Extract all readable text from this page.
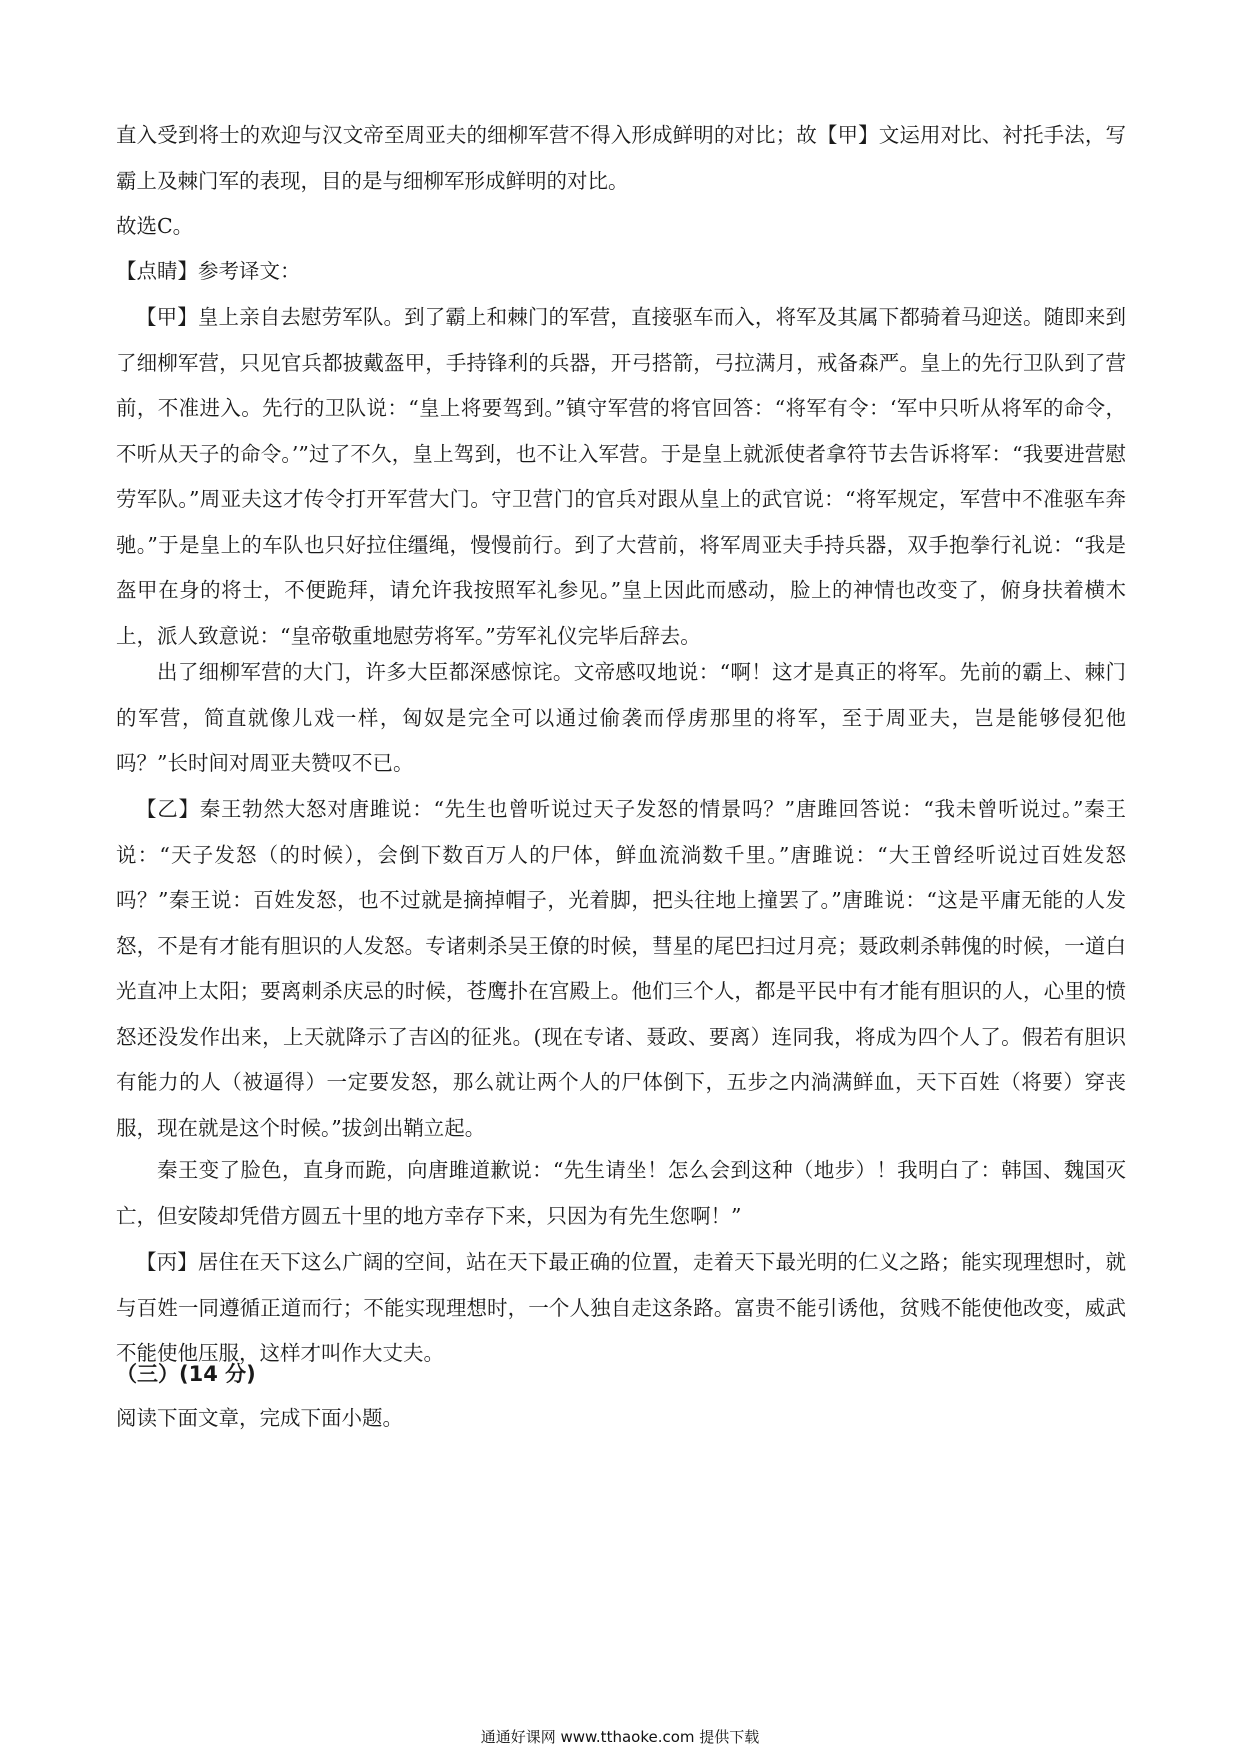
直入受到将士的欢迎与汉文帝至周亚夫的细柳军营不得入形成鲜明的对比；故【甲】文运用对比、衬托手法，写霸上及棘门军的表现，目的是与细柳军形成鲜明的对比。

故选C。

【点睛】参考译文：

【甲】皇上亲自去慰劳军队。到了霸上和棘门的军营，直接驱车而入，将军及其属下都骑着马迎送。随即来到了细柳军营，只见官兵都披戴盔甲，手持锋利的兵器，开弓搭箭，弓拉满月，戒备森严。皇上的先行卫队到了营前，不准进入。先行的卫队说：“皇上将要驾到。”镇守军营的将官回答：“将军有令：‘军中只听从将军的命令，不听从天子的命令。’”过了不久，皇上驾到，也不让入军营。于是皇上就派使者拿符节去告诉将军：“我要进营慰劳军队。”周亚夫这才传令打开军营大门。守卫营门的官兵对跟从皇上的武官说：“将军规定，军营中不准驱车奔驰。”于是皇上的车队也只好拉住缰绳，慢慢前行。到了大营前，将军周亚夫手持兵器，双手抱拳行礼说：“我是盔甲在身的将士，不便跪拜，请允许我按照军礼参见。”皇上因此而感动，脸上的神情也改变了，俯身扶着横木上，派人致意说：“皇帝敬重地慰劳将军。”劳军礼仪完毕后辞去。

出了细柳军营的大门，许多大臣都深感惊诧。文帝感叹地说：“啊！这才是真正的将军。先前的霸上、棘门的军营，简直就像儿戏一样，匈奴是完全可以通过偷袭而俘虏那里的将军，至于周亚夫，岂是能够侵犯他吗？”长时间对周亚夫赞叹不已。

【乙】秦王勃然大怒对唐雎说：“先生也曾听说过天子发怒的情景吗？”唐雎回答说：“我未曾听说过。”秦王说：“天子发怒（的时候），会倒下数百万人的尸体，鲜血流淌数千里。”唐雎说：“大王曾经听说过百姓发怒吗？”秦王说：百姓发怒，也不过就是摘掉帽子，光着脚，把头往地上撞罢了。”唐雎说：“这是平庸无能的人发怒，不是有才能有胆识的人发怒。专诸刺杀吴王僚的时候，彗星的尾巴扫过月亮；聂政刺杀韩傀的时候，一道白光直冲上太阳；要离刺杀庆忌的时候，苍鹰扑在宫殿上。他们三个人，都是平民中有才能有胆识的人，心里的愤怒还没发作出来，上天就降示了吉凶的征兆。(现在专诸、聂政、要离）连同我，将成为四个人了。假若有胆识有能力的人（被逼得）一定要发怒，那么就让两个人的尸体倒下，五步之内淌满鲜血，天下百姓（将要）穿丧服，现在就是这个时候。”拔剑出鞘立起。

秦王变了脸色，直身而跪，向唐雎道歉说：“先生请坐！怎么会到这种（地步）！我明白了：韩国、魏国灭亡，但安陵却凭借方圆五十里的地方幸存下来，只因为有先生您啊！”

【丙】居住在天下这么广阔的空间，站在天下最正确的位置，走着天下最光明的仁义之路；能实现理想时，就与百姓一同遵循正道而行；不能实现理想时，一个人独自走这条路。富贵不能引诱他，贫贱不能使他改变，威武不能使他压服，这样才叫作大丈夫。

（三）(14 分)

阅读下面文章，完成下面小题。

通通好课网 www.tthaoke.com 提供下载
